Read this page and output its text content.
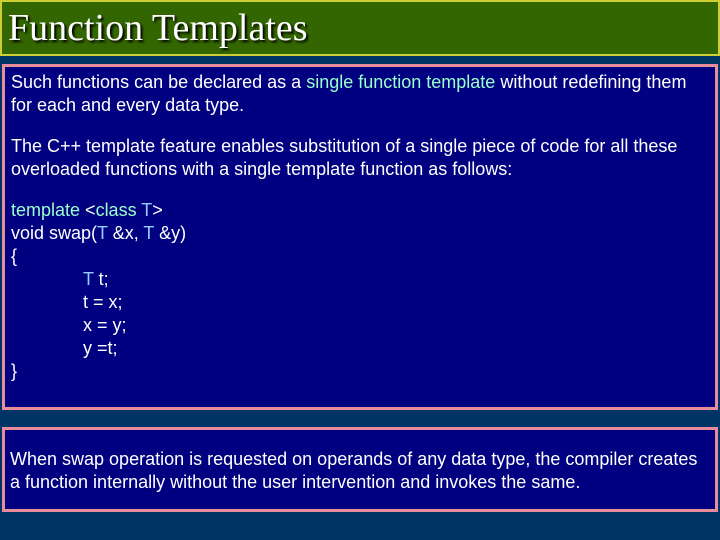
Function Templates

Such functions can be declared as a single function template without redefining them for each and every data type.

The C++ template feature enables substitution of a single piece of code for all these overloaded functions with a single template function as follows:

template <class T>
void swap(T &x, T &y)
{
T t;
t = x;
x = y;
y =t;
}

When swap operation is requested on operands of any data type, the compiler creates a function internally without the user intervention and invokes the same.
